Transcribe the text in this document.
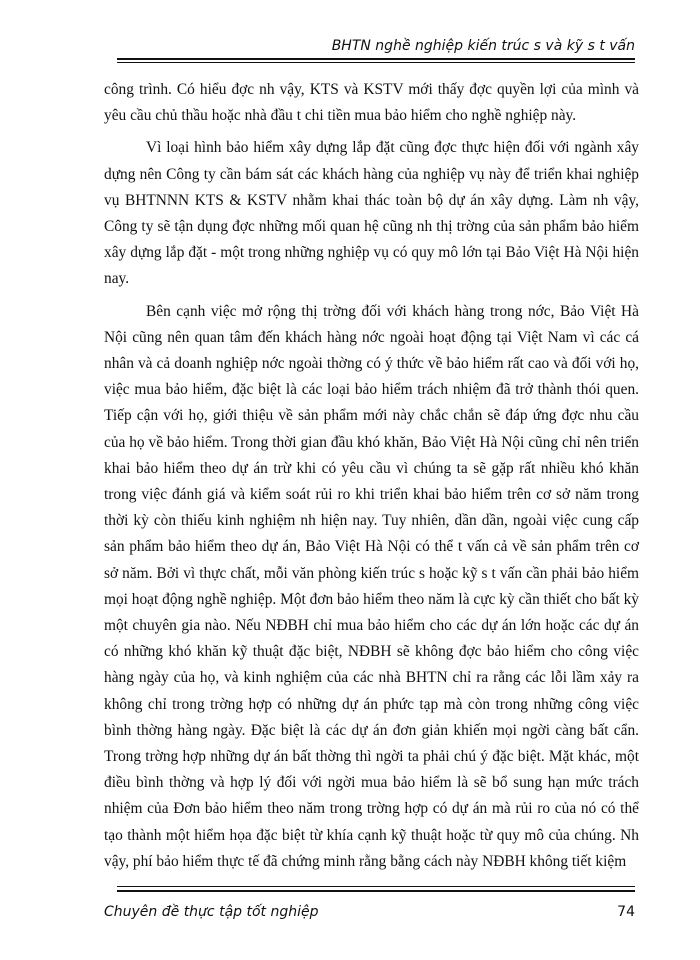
BHTN nghề nghiệp kiến trúc s và kỹ s t vấn

công trình. Có hiểu đợc nh vậy, KTS và KSTV mới thấy đợc quyền lợi của mình và yêu cầu chủ thầu hoặc nhà đầu t chi tiền mua bảo hiểm cho nghề nghiệp này.

Vì loại hình bảo hiểm xây dựng lắp đặt cũng đợc thực hiện đối với ngành xây dựng nên Công ty cần bám sát các khách hàng của nghiệp vụ này để triển khai nghiệp vụ BHTNNN KTS & KSTV nhằm khai thác toàn bộ dự án xây dựng. Làm nh vậy, Công ty sẽ tận dụng đợc những mối quan hệ cũng nh thị trờng của sản phẩm bảo hiểm xây dựng lắp đặt - một trong những nghiệp vụ có quy mô lớn tại Bảo Việt Hà Nội hiện nay.

Bên cạnh việc mở rộng thị trờng đối với khách hàng trong nớc, Bảo Việt Hà Nội cũng nên quan tâm đến khách hàng nớc ngoài hoạt động tại Việt Nam vì các cá nhân và cả doanh nghiệp nớc ngoài thờng có ý thức về bảo hiểm rất cao và đối với họ, việc mua bảo hiểm, đặc biệt là các loại bảo hiểm trách nhiệm đã trở thành thói quen. Tiếp cận với họ, giới thiệu về sản phẩm mới này chắc chắn sẽ đáp ứng đợc nhu cầu của họ về bảo hiểm. Trong thời gian đầu khó khăn, Bảo Việt Hà Nội cũng chỉ nên triển khai bảo hiểm theo dự án trừ khi có yêu cầu vì chúng ta sẽ gặp rất nhiều khó khăn trong việc đánh giá và kiểm soát rủi ro khi triển khai bảo hiểm trên cơ sở năm trong thời kỳ còn thiếu kinh nghiệm nh hiện nay. Tuy nhiên, dần dần, ngoài việc cung cấp sản phẩm bảo hiểm theo dự án, Bảo Việt Hà Nội có thể t vấn cả về sản phẩm trên cơ sở năm. Bởi vì thực chất, mỗi văn phòng kiến trúc s hoặc kỹ s t vấn cần phải bảo hiểm mọi hoạt động nghề nghiệp. Một đơn bảo hiểm theo năm là cực kỳ cần thiết cho bất kỳ một chuyên gia nào. Nếu NĐBH chỉ mua bảo hiểm cho các dự án lớn hoặc các dự án có những khó khăn kỹ thuật đặc biệt, NĐBH sẽ không đợc bảo hiểm cho công việc hàng ngày của họ, và kinh nghiệm của các nhà BHTN chỉ ra rằng các lỗi lầm xảy ra không chỉ trong trờng hợp có những dự án phức tạp mà còn trong những công việc bình thờng hàng ngày. Đặc biệt là các dự án đơn giản khiến mọi ngời càng bất cẩn. Trong trờng hợp những dự án bất thờng thì ngời ta phải chú ý đặc biệt. Mặt khác, một điều bình thờng và hợp lý đối với ngời mua bảo hiểm là sẽ bổ sung hạn mức trách nhiệm của Đơn bảo hiểm theo năm trong trờng hợp có dự án mà rủi ro của nó có thể tạo thành một hiểm họa đặc biệt từ khía cạnh kỹ thuật hoặc từ quy mô của chúng. Nh vậy, phí bảo hiểm thực tế đã chứng minh rằng bằng cách này NĐBH không tiết kiệm

Chuyên đề thực tập tốt nghiệp	74
